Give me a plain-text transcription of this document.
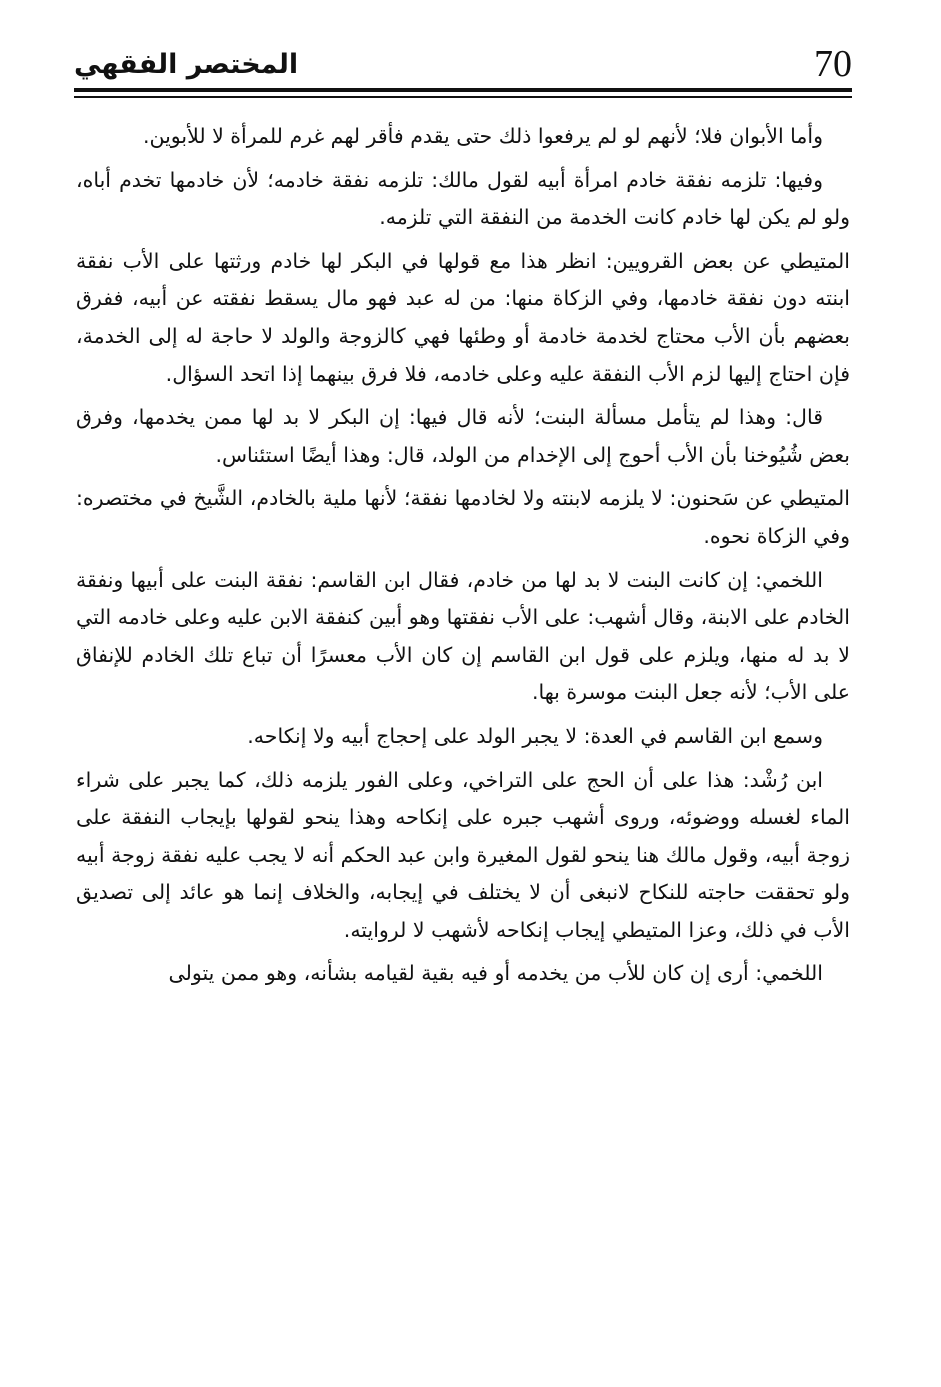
70
المختصر الفقهي

وأما الأبوان فلا؛ لأنهم لو لم يرفعوا ذلك حتى يقدم فأقر لهم غرم للمرأة لا للأبوين.

وفيها: تلزمه نفقة خادم امرأة أبيه لقول مالك: تلزمه نفقة خادمه؛ لأن خادمها تخدم أباه، ولو لم يكن لها خادم كانت الخدمة من النفقة التي تلزمه.

المتيطي عن بعض القرويين: انظر هذا مع قولها في البكر لها خادم ورثتها على الأب نفقة ابنته دون نفقة خادمها، وفي الزكاة منها: من له عبد فهو مال يسقط نفقته عن أبيه، ففرق بعضهم بأن الأب محتاج لخدمة خادمة أو وطئها فهي كالزوجة والولد لا حاجة له إلى الخدمة، فإن احتاج إليها لزم الأب النفقة عليه وعلى خادمه، فلا فرق بينهما إذا اتحد السؤال.

قال: وهذا لم يتأمل مسألة البنت؛ لأنه قال فيها: إن البكر لا بد لها ممن يخدمها، وفرق بعض شُيُوخنا بأن الأب أحوج إلى الإخدام من الولد، قال: وهذا أيضًا استئناس.

المتيطي عن سَحنون: لا يلزمه لابنته ولا لخادمها نفقة؛ لأنها ملية بالخادم، الشَّيخ في مختصره: وفي الزكاة نحوه.

اللخمي: إن كانت البنت لا بد لها من خادم، فقال ابن القاسم: نفقة البنت على أبيها ونفقة الخادم على الابنة، وقال أشهب: على الأب نفقتها وهو أبين كنفقة الابن عليه وعلى خادمه التي لا بد له منها، ويلزم على قول ابن القاسم إن كان الأب معسرًا أن تباع تلك الخادم للإنفاق على الأب؛ لأنه جعل البنت موسرة بها.

وسمع ابن القاسم في العدة: لا يجبر الولد على إحجاج أبيه ولا إنكاحه.

ابن رُشْد: هذا على أن الحج على التراخي، وعلى الفور يلزمه ذلك، كما يجبر على شراء الماء لغسله ووضوئه، وروى أشهب جبره على إنكاحه وهذا ينحو لقولها بإيجاب النفقة على زوجة أبيه، وقول مالك هنا ينحو لقول المغيرة وابن عبد الحكم أنه لا يجب عليه نفقة زوجة أبيه ولو تحققت حاجته للنكاح لانبغى أن لا يختلف في إيجابه، والخلاف إنما هو عائد إلى تصديق الأب في ذلك، وعزا المتيطي إيجاب إنكاحه لأشهب لا لروايته.

اللخمي: أرى إن كان للأب من يخدمه أو فيه بقية لقيامه بشأنه، وهو ممن يتولى
